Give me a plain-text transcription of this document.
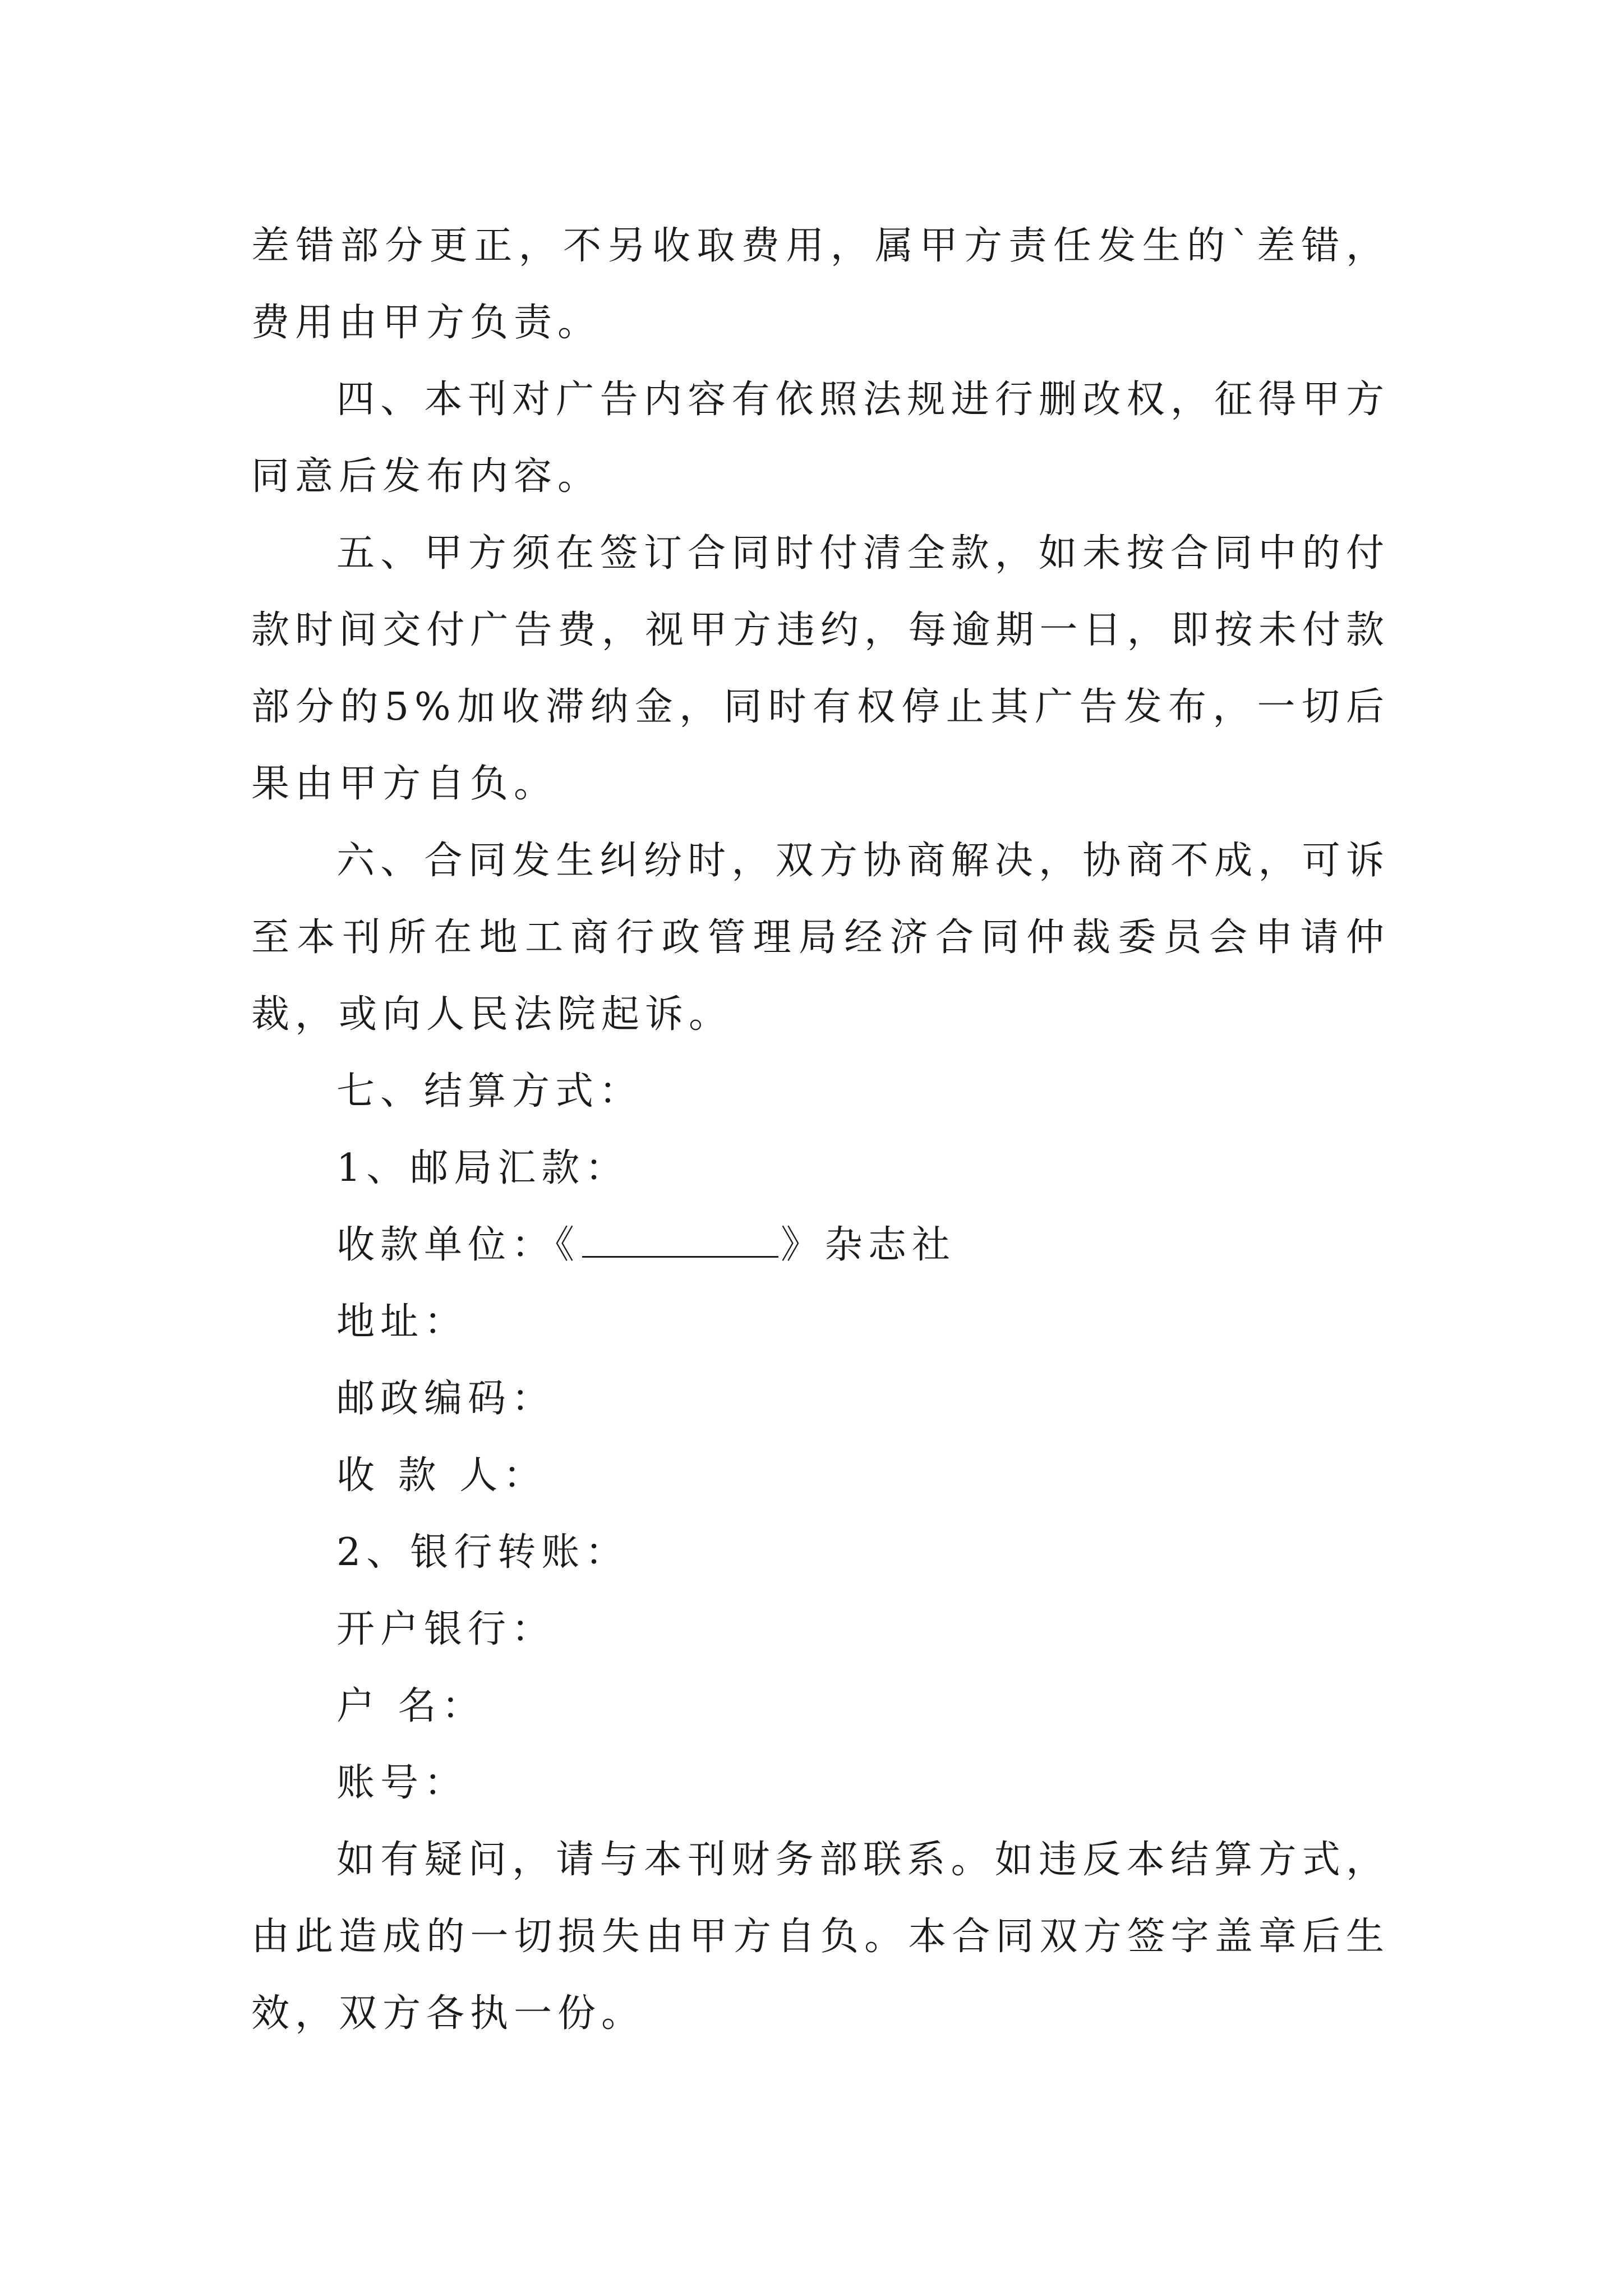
差错部分更正，不另收取费用，属甲方责任发生的`差错，费用由甲方负责。

四、本刊对广告内容有依照法规进行删改权，征得甲方同意后发布内容。

五、甲方须在签订合同时付清全款，如未按合同中的付款时间交付广告费，视甲方违约，每逾期一日，即按未付款部分的5%加收滞纳金，同时有权停止其广告发布，一切后果由甲方自负。

六、合同发生纠纷时，双方协商解决，协商不成，可诉至本刊所在地工商行政管理局经济合同仲裁委员会申请仲裁，或向人民法院起诉。

七、结算方式：

1、邮局汇款：

收款单位：《	》杂志社

地址：

邮政编码：

收 款 人：

2、银行转账：

开户银行：

户 名：

账号：

如有疑问，请与本刊财务部联系。如违反本结算方式，由此造成的一切损失由甲方自负。本合同双方签字盖章后生效，双方各执一份。
